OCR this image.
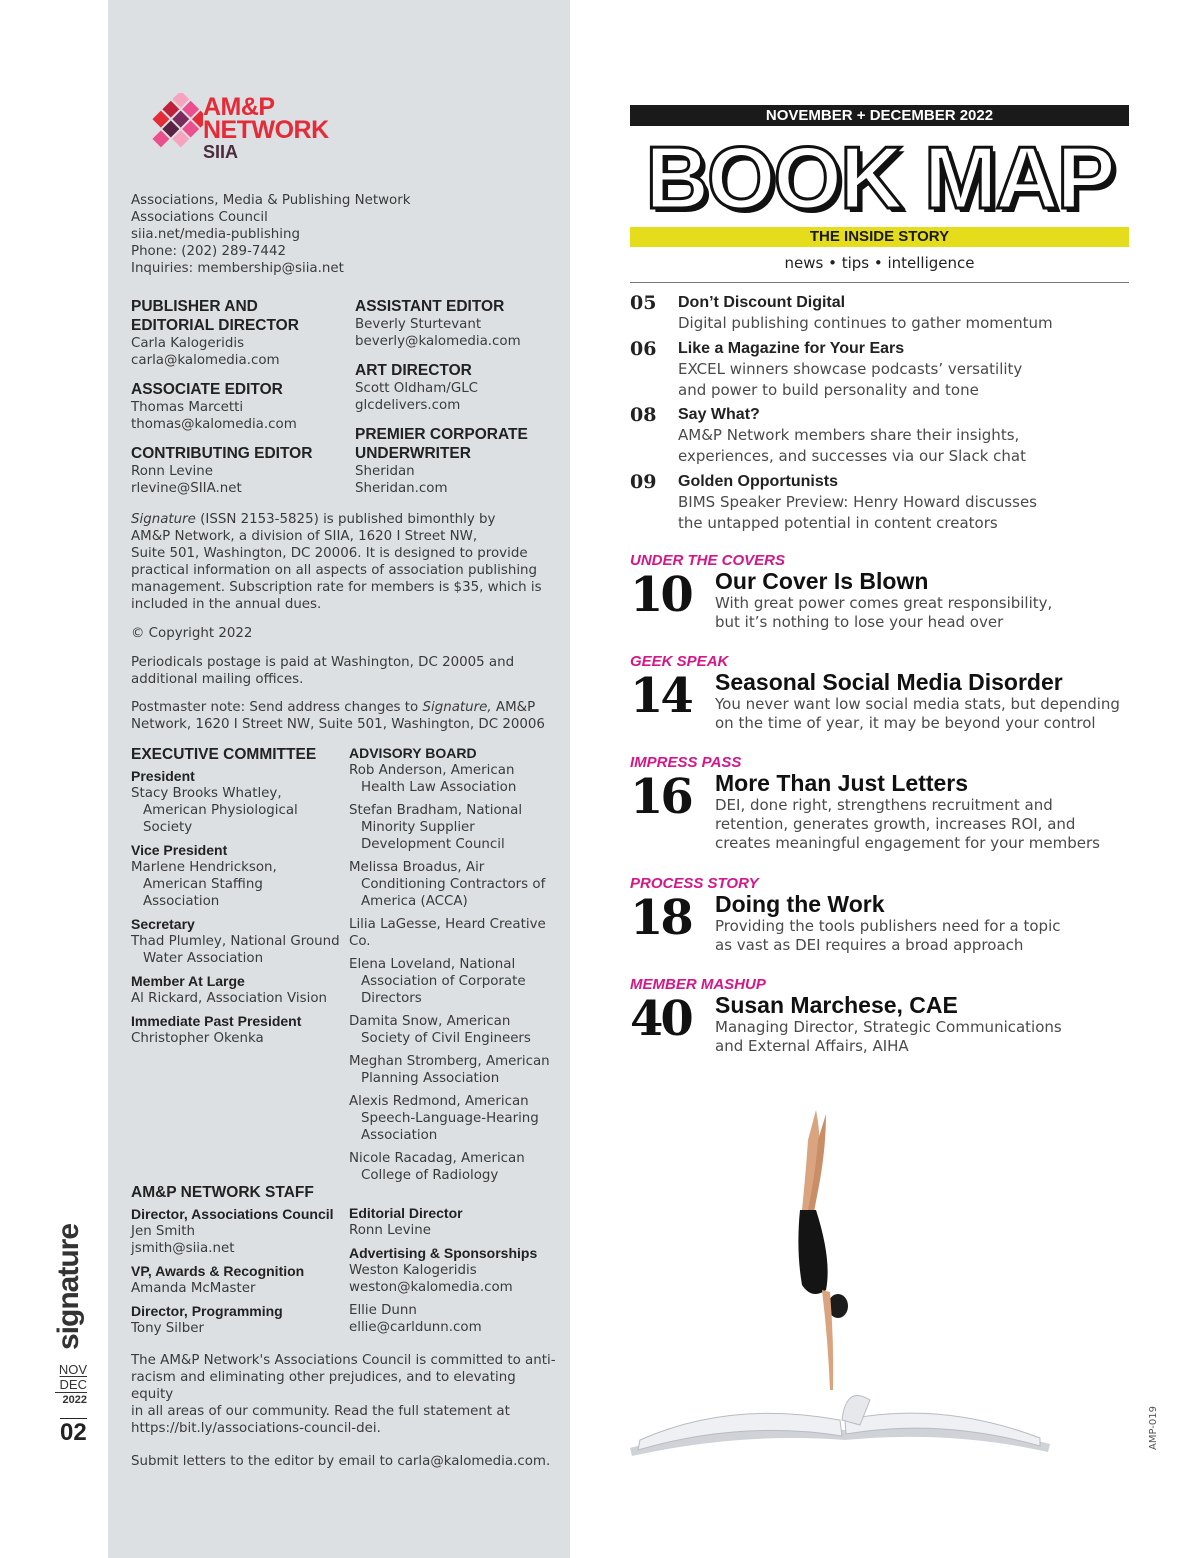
signature
NOV
$\overline{DEC}$
2022
02
AM&P
NETWORK
SIIA
Associations, Media & Publishing Network
Associations Council
siia.net/media-publishing
Phone: (202) 289-7442
Inquiries: membership@siia.net
PUBLISHER AND
EDITORIAL DIRECTOR
Carla Kalogeridis
carla@kalomedia.com
ASSOCIATE EDITOR
Thomas Marcetti
thomas@kalomedia.com
CONTRIBUTING EDITOR
Ronn Levine
rlevine@SIIA.net
ASSISTANT EDITOR
Beverly Sturtevant
beverly@kalomedia.com
ART DIRECTOR
Scott Oldham/GLC
glcdelivers.com
PREMIER CORPORATE
UNDERWRITER
Sheridan
Sheridan.com
Signature (ISSN 2153-5825) is published bimonthly by
AM&P Network, a division of SIIA, 1620 I Street NW,
Suite 501, Washington, DC 20006. It is designed to provide
practical information on all aspects of association publishing
management. Subscription rate for members is $35, which is
included in the annual dues.
© Copyright 2022
Periodicals postage is paid at Washington, DC 20005 and
additional mailing offices.
Postmaster note: Send address changes to Signature, AM&P
Network, 1620 I Street NW, Suite 501, Washington, DC 20006
EXECUTIVE COMMITTEE
President
Stacy Brooks Whatley,
American Physiological
Society
Vice President
Marlene Hendrickson,
American Staffing
Association
Secretary
Thad Plumley, National Ground
Water Association
Member At Large
Al Rickard, Association Vision
Immediate Past President
Christopher Okenka
ADVISORY BOARD
Rob Anderson, American
Health Law Association
Stefan Bradham, National
Minority Supplier
Development Council
Melissa Broadus, Air
Conditioning Contractors of
America (ACCA)
Lilia LaGesse, Heard Creative Co.
Elena Loveland, National
Association of Corporate
Directors
Damita Snow, American
Society of Civil Engineers
Meghan Stromberg, American
Planning Association
Alexis Redmond, American
Speech-Language-Hearing
Association
Nicole Racadag, American
College of Radiology
AM&P NETWORK STAFF
Director, Associations Council
Jen Smith
jsmith@siia.net
VP, Awards & Recognition
Amanda McMaster
Director, Programming
Tony Silber
Editorial Director
Ronn Levine
Advertising & Sponsorships
Weston Kalogeridis
weston@kalomedia.com
Ellie Dunn
ellie@carldunn.com
The AM&P Network's Associations Council is committed to anti-
racism and eliminating other prejudices, and to elevating equity
in all areas of our community. Read the full statement at
https://bit.ly/associations-council-dei.
Submit letters to the editor by email to carla@kalomedia.com.
NOVEMBER + DECEMBER 2022
BOOK MAP
THE INSIDE STORY
news • tips • intelligence
05 Don’t Discount Digital
Digital publishing continues to gather momentum
06 Like a Magazine for Your Ears
EXCEL winners showcase podcasts’ versatility
and power to build personality and tone
08 Say What?
AM&P Network members share their insights,
experiences, and successes via our Slack chat
09 Golden Opportunists
BIMS Speaker Preview: Henry Howard discusses
the untapped potential in content creators
UNDER THE COVERS
10 Our Cover Is Blown
With great power comes great responsibility,
but it’s nothing to lose your head over
GEEK SPEAK
14 Seasonal Social Media Disorder
You never want low social media stats, but depending
on the time of year, it may be beyond your control
IMPRESS PASS
16 More Than Just Letters
DEI, done right, strengthens recruitment and
retention, generates growth, increases ROI, and
creates meaningful engagement for your members
PROCESS STORY
18 Doing the Work
Providing the tools publishers need for a topic
as vast as DEI requires a broad approach
MEMBER MASHUP
40 Susan Marchese, CAE
Managing Director, Strategic Communications
and External Affairs, AIHA
AMP-019
